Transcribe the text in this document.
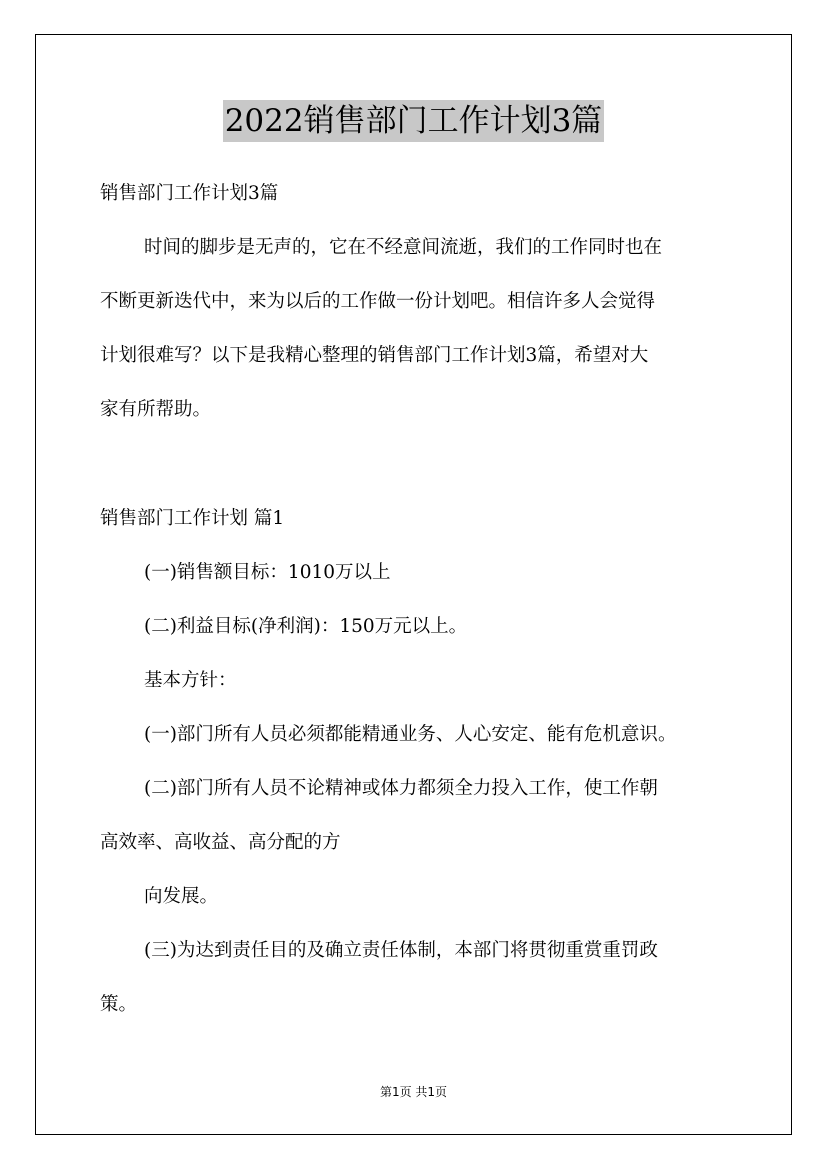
2022销售部门工作计划3篇
销售部门工作计划3篇
时间的脚步是无声的，它在不经意间流逝，我们的工作同时也在
不断更新迭代中，来为以后的工作做一份计划吧。相信许多人会觉得
计划很难写？以下是我精心整理的销售部门工作计划3篇，希望对大
家有所帮助。
销售部门工作计划 篇1
(一)销售额目标：1010万以上
(二)利益目标(净利润)：150万元以上。
基本方针：
(一)部门所有人员必须都能精通业务、人心安定、能有危机意识。
(二)部门所有人员不论精神或体力都须全力投入工作，使工作朝
高效率、高收益、高分配的方
向发展。
(三)为达到责任目的及确立责任体制，本部门将贯彻重赏重罚政
策。
第1页 共1页
